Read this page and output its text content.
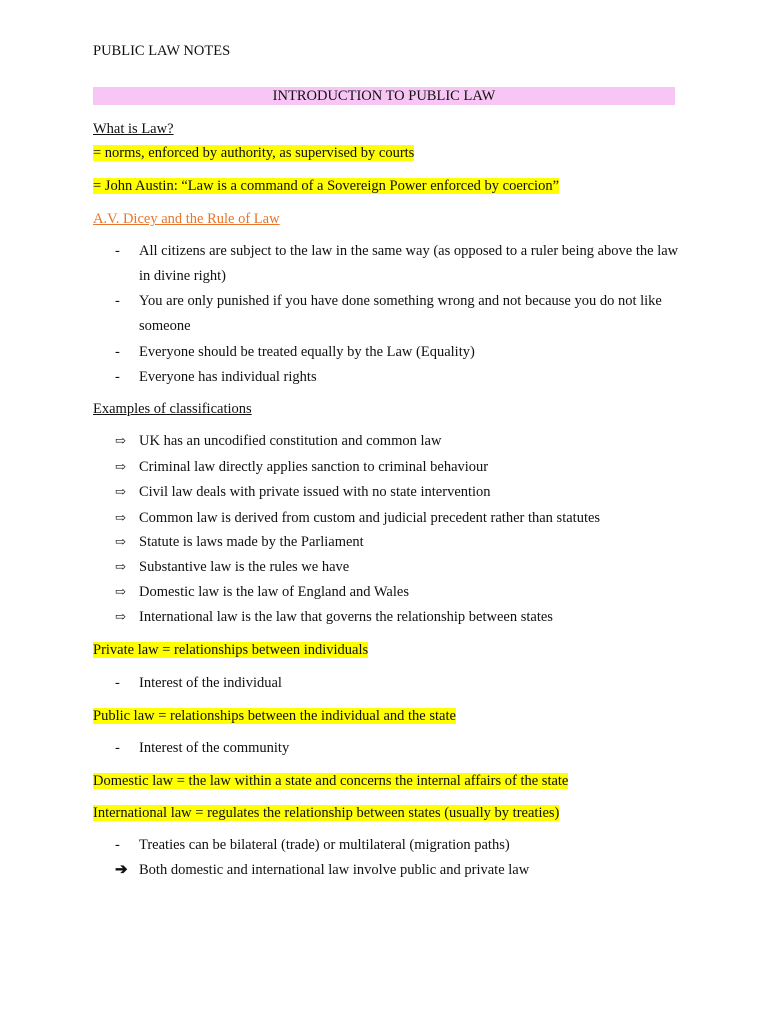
PUBLIC LAW NOTES
INTRODUCTION TO PUBLIC LAW
What is Law?
= norms, enforced by authority, as supervised by courts
= John Austin: “Law is a command of a Sovereign Power enforced by coercion”
A.V. Dicey and the Rule of Law
-	All citizens are subject to the law in the same way (as opposed to a ruler being above the law in divine right)
-	You are only punished if you have done something wrong and not because you do not like someone
-	Everyone should be treated equally by the Law (Equality)
-	Everyone has individual rights
Examples of classifications
⇨ UK has an uncodified constitution and common law
⇨ Criminal law directly applies sanction to criminal behaviour
⇨ Civil law deals with private issued with no state intervention
⇨ Common law is derived from custom and judicial precedent rather than statutes
⇨ Statute is laws made by the Parliament
⇨ Substantive law is the rules we have
⇨ Domestic law is the law of England and Wales
⇨ International law is the law that governs the relationship between states
Private law = relationships between individuals
-	Interest of the individual
Public law = relationships between the individual and the state
-	Interest of the community
Domestic law = the law within a state and concerns the internal affairs of the state
International law = regulates the relationship between states (usually by treaties)
-	Treaties can be bilateral (trade) or multilateral (migration paths)
➔ Both domestic and international law involve public and private law
